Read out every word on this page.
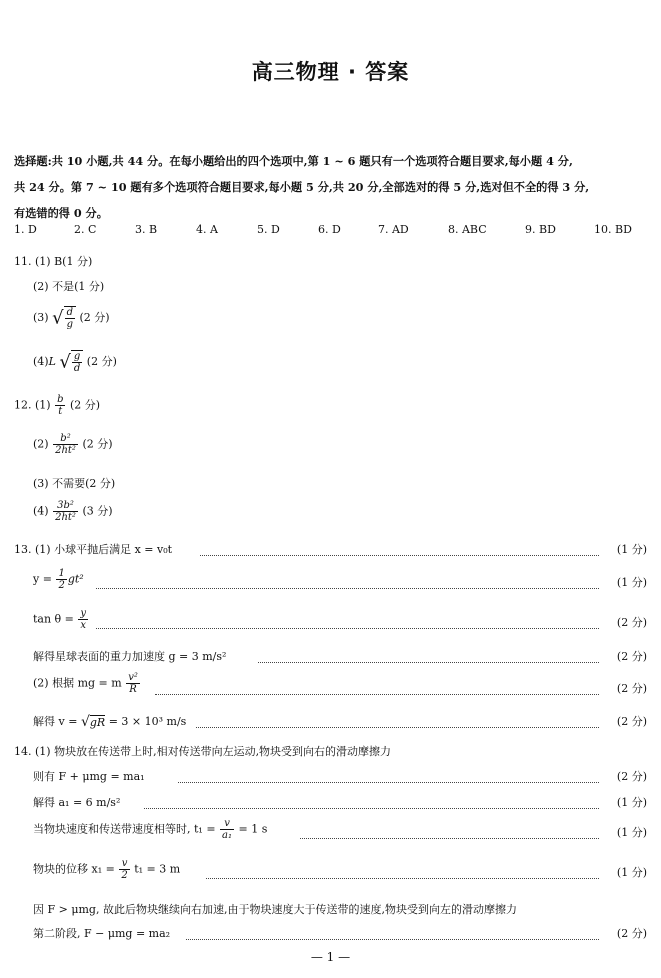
高三物理 · 答案

选择题:共 10 小题,共 44 分。在每小题给出的四个选项中,第 1 ~ 6 题只有一个选项符合题目要求,每小题 4 分,

共 24 分。第 7 ~ 10 题有多个选项符合题目要求,每小题 5 分,共 20 分,全部选对的得 5 分,选对但不全的得 3 分,

有选错的得 0 分。

1. D	2. C	3. B	4. A	5. D	6. D	7. AD	8. ABC	9. BD	10. BD
11. (1) B(1 分)
(2) 不是(1 分)
(3) √ $\frac{d}{g} (2$ 分)
(4)L √ $\frac{g}{d} (2$ 分)
12. $(1) \frac{b}{t} (2$ 分)
$(2) \frac{\text{b²}}{\text{2ht²}} (2$ 分)
(3) 不需要(2 分)
$(4) \frac{\text{3b²}}{\text{2ht²}} (3$ 分)
13. (1) 小球平抛后满足 x = v₀t	(1 分)
$y = \frac{1}{2} gt^2$	(1 分)
$\tan \theta = \frac{y}{x}$	(2 分)
解得星球表面的重力加速度 g = 3 m/s²	(2 分)
(2) 根据 mg = m $\frac{\text{v²}}{R}$	(2 分)
解得 v = √gR = 3 × 10³ m/s	(2 分)
14. (1) 物块放在传送带上时,相对传送带向左运动,物块受到向右的滑动摩擦力
则有 F + μmg = ma₁	(2 分)
解得 a₁ = 6 m/s²	(1 分)
当物块速度和传送带速度相等时, $t_1 = \frac{v}{\text{a₁}} = 1$ s	(1 分)
物块的位移 $x_1 = \frac{v}{2} t_1 = 3$ m	(1 分)
因 F > μmg, 故此后物块继续向右加速,由于物块速度大于传送带的速度,物块受到向左的滑动摩擦力
第二阶段, F − μmg = ma₂	(2 分)
— 1 —
